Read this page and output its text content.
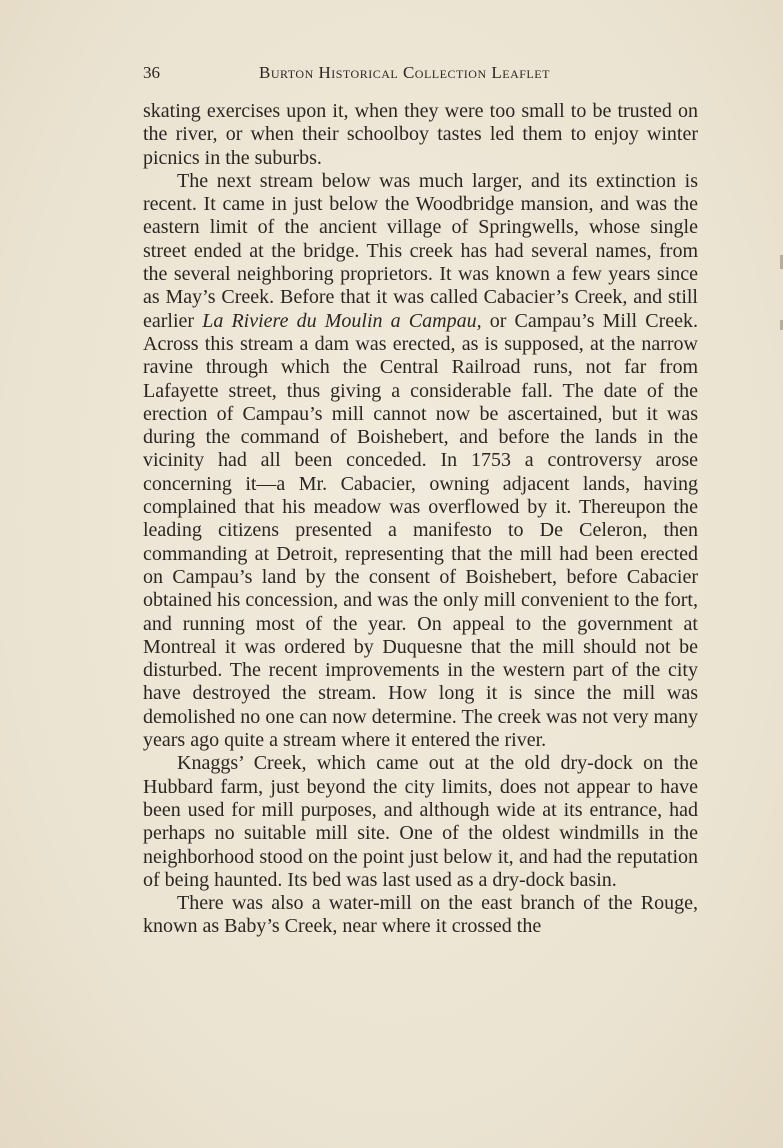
36	Burton Historical Collection Leaflet

skating exercises upon it, when they were too small to be trusted on the river, or when their schoolboy tastes led them to enjoy winter picnics in the suburbs.

The next stream below was much larger, and its extinction is recent. It came in just below the Woodbridge mansion, and was the eastern limit of the ancient village of Springwells, whose single street ended at the bridge. This creek has had several names, from the several neighboring proprietors. It was known a few years since as May’s Creek. Before that it was called Cabacier’s Creek, and still earlier La Riviere du Moulin a Campau, or Campau’s Mill Creek. Across this stream a dam was erected, as is supposed, at the narrow ravine through which the Central Railroad runs, not far from Lafayette street, thus giving a considerable fall. The date of the erection of Campau’s mill cannot now be ascertained, but it was during the command of Boishebert, and before the lands in the vicinity had all been conceded. In 1753 a controversy arose concerning it—a Mr. Cabacier, owning adjacent lands, having complained that his meadow was overflowed by it. Thereupon the leading citizens presented a manifesto to De Celeron, then commanding at Detroit, representing that the mill had been erected on Campau’s land by the consent of Boishebert, before Cabacier obtained his concession, and was the only mill convenient to the fort, and running most of the year. On appeal to the government at Montreal it was ordered by Duquesne that the mill should not be disturbed. The recent improvements in the western part of the city have destroyed the stream. How long it is since the mill was demolished no one can now determine. The creek was not very many years ago quite a stream where it entered the river.

Knaggs’ Creek, which came out at the old dry-dock on the Hubbard farm, just beyond the city limits, does not appear to have been used for mill purposes, and although wide at its entrance, had perhaps no suitable mill site. One of the oldest windmills in the neighborhood stood on the point just below it, and had the reputation of being haunted. Its bed was last used as a dry-dock basin.

There was also a water-mill on the east branch of the Rouge, known as Baby’s Creek, near where it crossed the
